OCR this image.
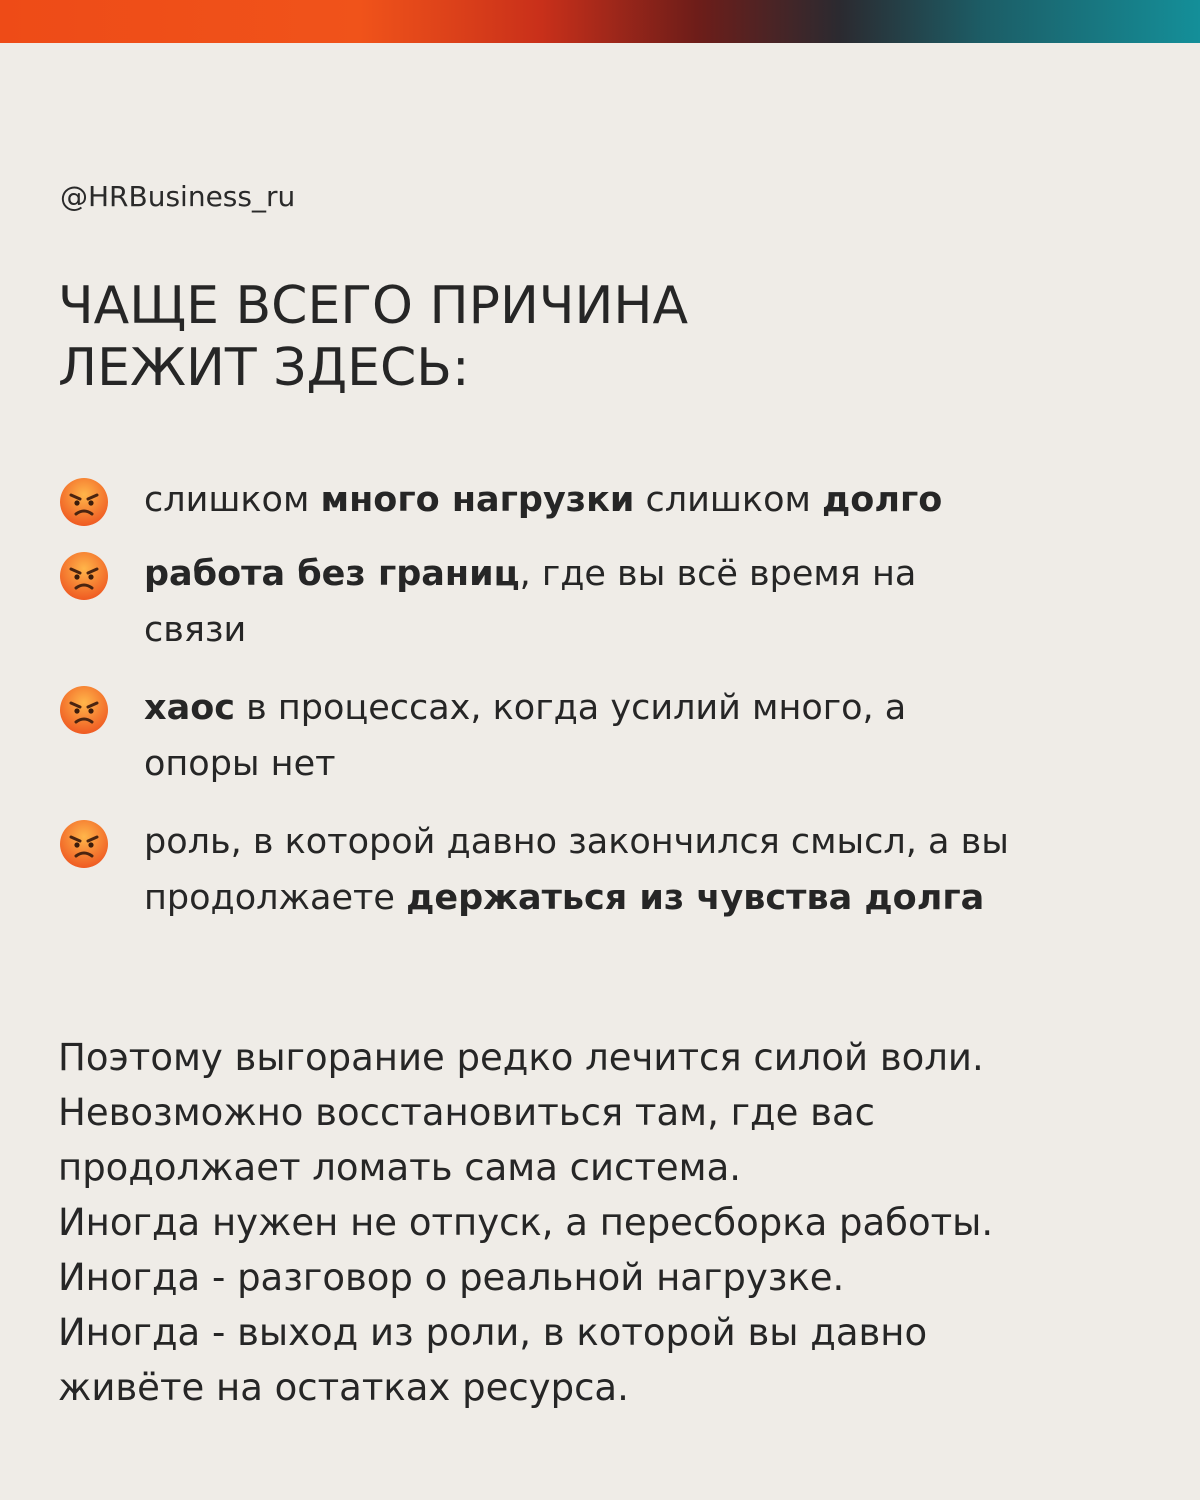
@HRBusiness_ru
ЧАЩЕ ВСЕГО ПРИЧИНА
ЛЕЖИТ ЗДЕСЬ:
слишком много нагрузки слишком долго
работа без границ, где вы всё время на связи
хаос в процессах, когда усилий много, а опоры нет
роль, в которой давно закончился смысл, а вы продолжаете держаться из чувства долга

Поэтому выгорание редко лечится силой воли.

Невозможно восстановиться там, где вас

продолжает ломать сама система.

Иногда нужен не отпуск, а пересборка работы.

Иногда - разговор о реальной нагрузке.

Иногда - выход из роли, в которой вы давно

живёте на остатках ресурса.
